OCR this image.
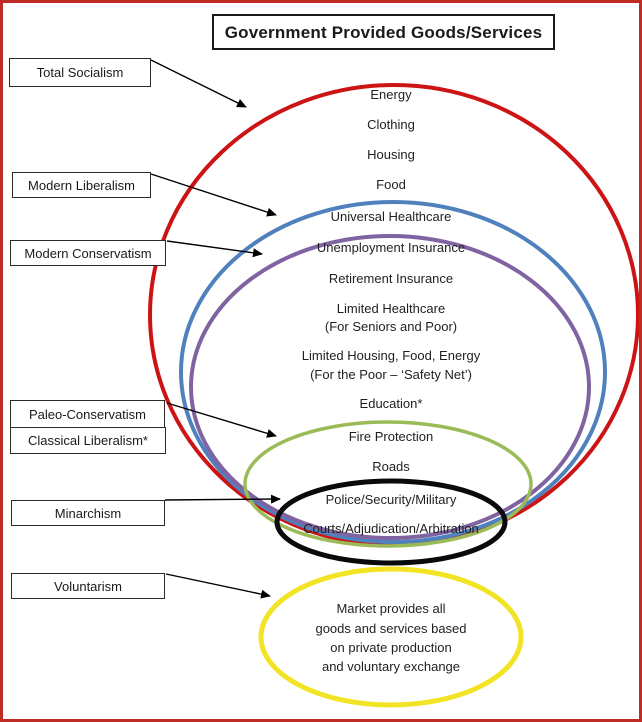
Government Provided Goods/Services
Total Socialism
Modern Liberalism
Modern Conservatism
Paleo-Conservatism
Classical Liberalism*
Minarchism
Voluntarism
Energy
Clothing
Housing
Food
Universal Healthcare
Unemployment Insurance
Retirement Insurance
Limited Healthcare
(For Seniors and Poor)
Limited Housing, Food, Energy
(For the Poor – ‘Safety Net’)
Education*
Fire Protection
Roads
Police/Security/Military
Courts/Adjudication/Arbitration
Market provides all
goods and services based
on private production
and voluntary exchange
